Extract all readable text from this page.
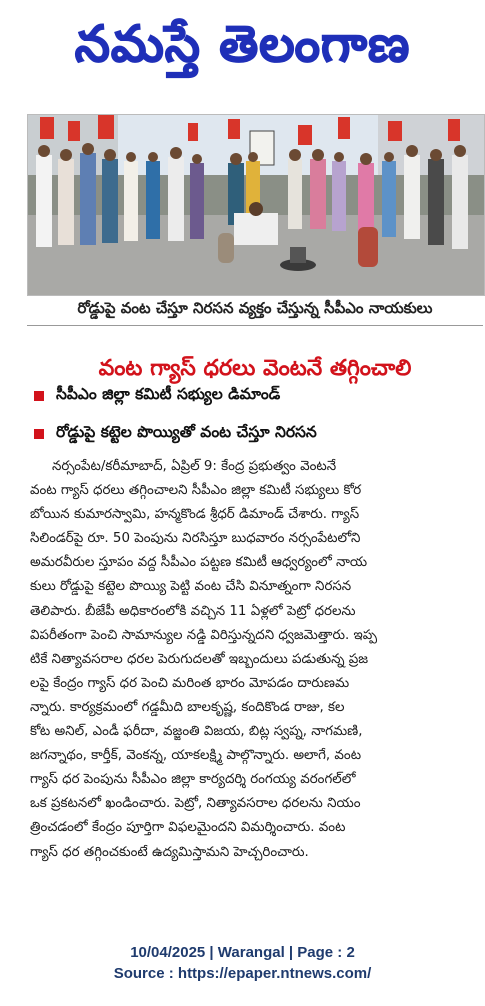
నమస్తే తెలంగాణ
రోడ్డుపై వంట చేస్తూ నిరసన వ్యక్తం చేస్తున్న సీపీఎం నాయకులు
వంట గ్యాస్ ధరలు వెంటనే తగ్గించాలి
సీపీఎం జిల్లా కమిటీ సభ్యుల డిమాండ్
రోడ్డుపై కట్టెల పొయ్యితో వంట చేస్తూ నిరసన
నర్సంపేట/కరీమాబాద్, ఏప్రిల్ 9: కేంద్ర ప్రభుత్వం వెంటనే
వంట గ్యాస్ ధరలు తగ్గించాలని సీపీఎం జిల్లా కమిటీ సభ్యులు కోర
బోయిన కుమారస్వామి, హన్మకొండ శ్రీధర్ డిమాండ్ చేశారు. గ్యాస్
సిలిండర్‌పై రూ. 50 పెంపును నిరసిస్తూ బుధవారం నర్సంపేటలోని
అమరవీరుల స్తూపం వద్ద సీపీఎం పట్టణ కమిటీ ఆధ్వర్యంలో నాయ
కులు రోడ్డుపై కట్టెల పొయ్యి పెట్టి వంట చేసి వినూత్నంగా నిరసన
తెలిపారు. బీజేపీ అధికారంలోకి వచ్చిన 11 ఏళ్లలో పెట్రో ధరలను
విపరీతంగా పెంచి సామాన్యుల నడ్డి విరిస్తున్నదని ధ్వజమెత్తారు. ఇప్ప
టికే నిత్యావసరాల ధరల పెరుగుదలతో ఇబ్బందులు పడుతున్న ప్రజ
లపై కేంద్రం గ్యాస్ ధర పెంచి మరింత భారం మోపడం దారుణమ
న్నారు. కార్యక్రమంలో గడ్డమీది బాలకృష్ణ, కందికొండ రాజు, కల
కోట అనిల్, ఎండీ ఫరీదా, వజ్జంతి విజయ, బిట్ల స్వప్న, నాగమణి,
జగన్నాథం, కార్తీక్, వెంకన్న, యాకలక్ష్మి పాల్గొన్నారు. అలాగే, వంట
గ్యాస్ ధర పెంపును సీపీఎం జిల్లా కార్యదర్శి రంగయ్య వరంగల్‌లో
ఒక ప్రకటనలో ఖండించారు. పెట్రో, నిత్యావసరాల ధరలను నియం
త్రించడంలో కేంద్రం పూర్తిగా విఫలమైందని విమర్శించారు. వంట
గ్యాస్ ధర తగ్గించకుంటే ఉద్యమిస్తామని హెచ్చరించారు.
10/04/2025 | Warangal | Page : 2
Source : https://epaper.ntnews.com/
